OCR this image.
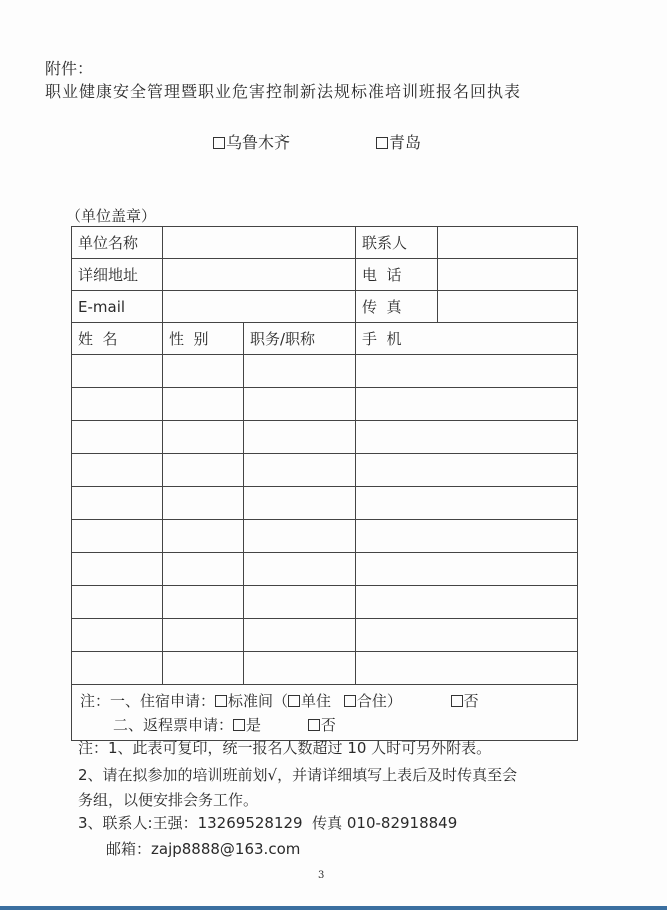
附件：
职业健康安全管理暨职业危害控制新法规标准培训班报名回执表
乌鲁木齐	青岛
（单位盖章）
单位名称			联系人	
详细地址			电  话	
E-mail			传  真	
姓  名	性  别	职务/职称	手  机	

注：一、住宿申请： 标准间（ 单住 合住） 否
二、返程票申请： 是 否				
注：1、此表可复印，统一报名人数超过 10 人时可另外附表。
2、请在拟参加的培训班前划√，并请详细填写上表后及时传真至会
务组，以便安排会务工作。
3、联系人:王强：13269528129  传真 010-82918849
邮箱：zajp8888@163.com
3
